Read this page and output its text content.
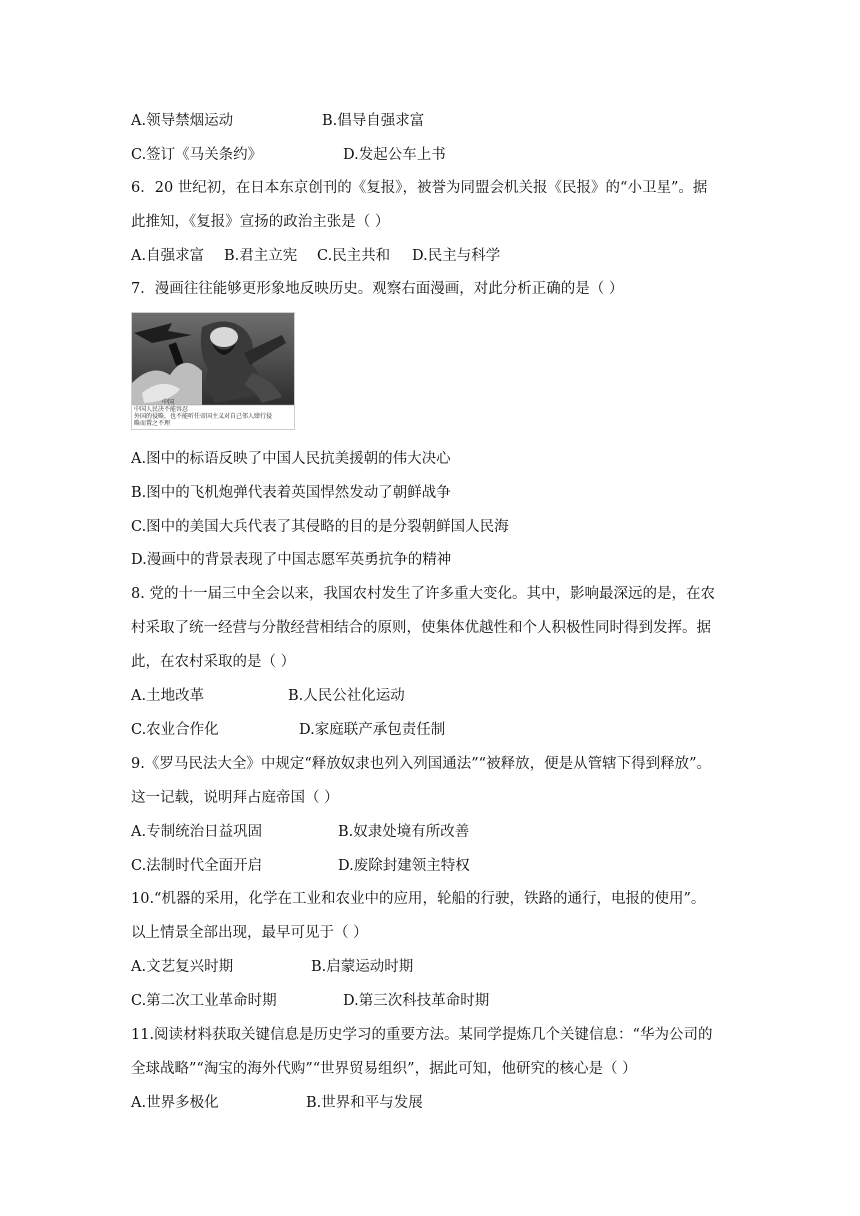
A.领导禁烟运动	B.倡导自强求富
C.签订《马关条约》	D.发起公车上书
6．20 世纪初，在日本东京创刊的《复报》，被誉为同盟会机关报《民报》的“小卫星”。据
此推知，《复报》宣扬的政治主张是（ ）
A.自强求富 B.君主立宪 C.民主共和 D.民主与科学
7．漫画往往能够更形象地反映历史。观察右面漫画，对此分析正确的是（ ）
中国
中国人民决不能容忍
外国的侵略，也不能听任帝国主义对自己邻人肆行侵
略而置之不理
A.图中的标语反映了中国人民抗美援朝的伟大决心
B.图中的飞机炮弹代表着英国悍然发动了朝鲜战争
C.图中的美国大兵代表了其侵略的目的是分裂朝鲜国人民海
D.漫画中的背景表现了中国志愿军英勇抗争的精神
8. 党的十一届三中全会以来，我国农村发生了许多重大变化。其中，影响最深远的是，在农
村采取了统一经营与分散经营相结合的原则，使集体优越性和个人积极性同时得到发挥。据
此，在农村采取的是（ ）
A.土地改革	B.人民公社化运动
C.农业合作化	D.家庭联产承包责任制
9.《罗马民法大全》中规定“释放奴隶也列入列国通法”“被释放，便是从管辖下得到释放”。
这一记载，说明拜占庭帝国（ ）
A.专制统治日益巩固	B.奴隶处境有所改善
C.法制时代全面开启	D.废除封建领主特权
10.“机器的采用，化学在工业和农业中的应用，轮船的行驶，铁路的通行，电报的使用”。
以上情景全部出现，最早可见于（ ）
A.文艺复兴时期	B.启蒙运动时期
C.第二次工业革命时期	D.第三次科技革命时期
11.阅读材料获取关键信息是历史学习的重要方法。某同学提炼几个关键信息：“华为公司的
全球战略”“淘宝的海外代购”“世界贸易组织”，据此可知，他研究的核心是（ ）
A.世界多极化	B.世界和平与发展
